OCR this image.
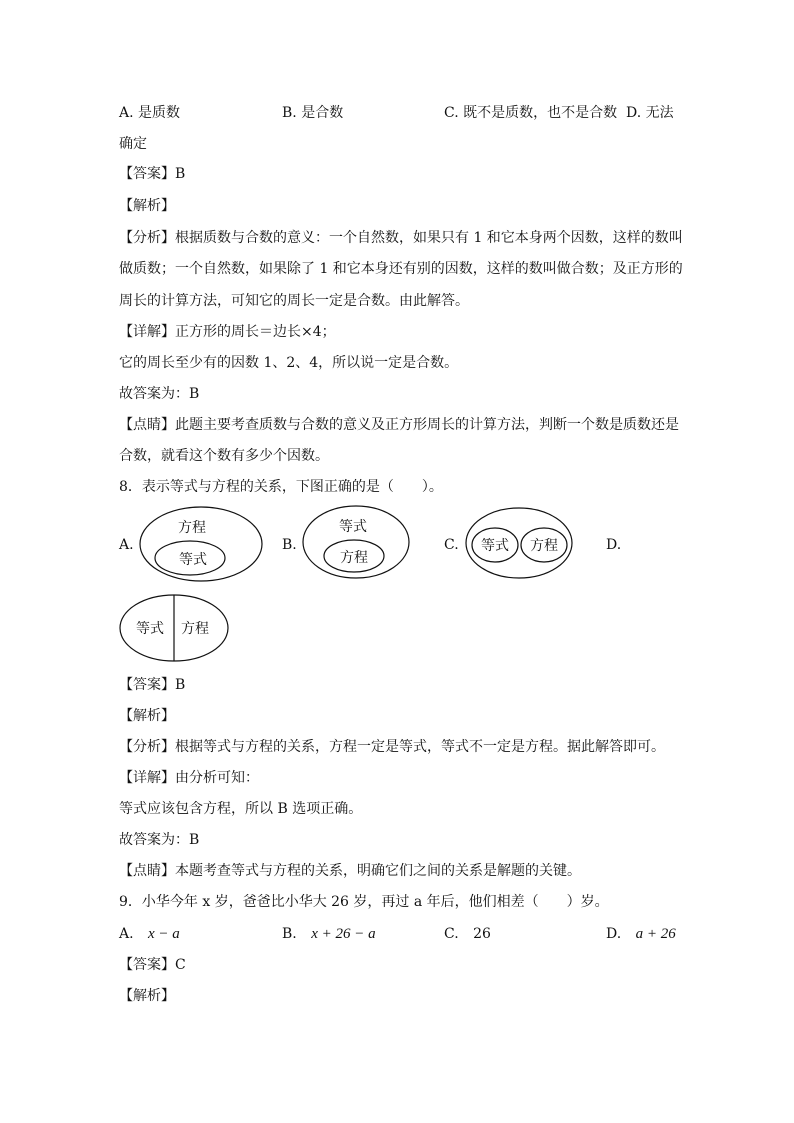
A. 是质数	B. 是合数	C. 既不是质数，也不是合数 D. 无法
确定
【答案】B
【解析】
【分析】根据质数与合数的意义：一个自然数，如果只有 1 和它本身两个因数，这样的数叫
做质数；一个自然数，如果除了 1 和它本身还有别的因数，这样的数叫做合数；及正方形的
周长的计算方法，可知它的周长一定是合数。由此解答。
【详解】正方形的周长＝边长×4；
它的周长至少有的因数 1、2、4，所以说一定是合数。
故答案为：B
【点睛】此题主要考查质数与合数的意义及正方形周长的计算方法，判断一个数是质数还是
合数，就看这个数有多少个因数。
8．表示等式与方程的关系，下图正确的是（　　）。
A.	B.	C.	D.
方程
等式
等式
方程
等式 方程
等式 方程
【答案】B
【解析】
【分析】根据等式与方程的关系，方程一定是等式，等式不一定是方程。据此解答即可。
【详解】由分析可知：
等式应该包含方程，所以 B 选项正确。
故答案为：B
【点睛】本题考查等式与方程的关系，明确它们之间的关系是解题的关键。
9．小华今年 x 岁，爸爸比小华大 26 岁，再过 a 年后，他们相差（　　）岁。
A. x − a	B. x + 26 − a	C. 26	D. a + 26
【答案】C
【解析】
